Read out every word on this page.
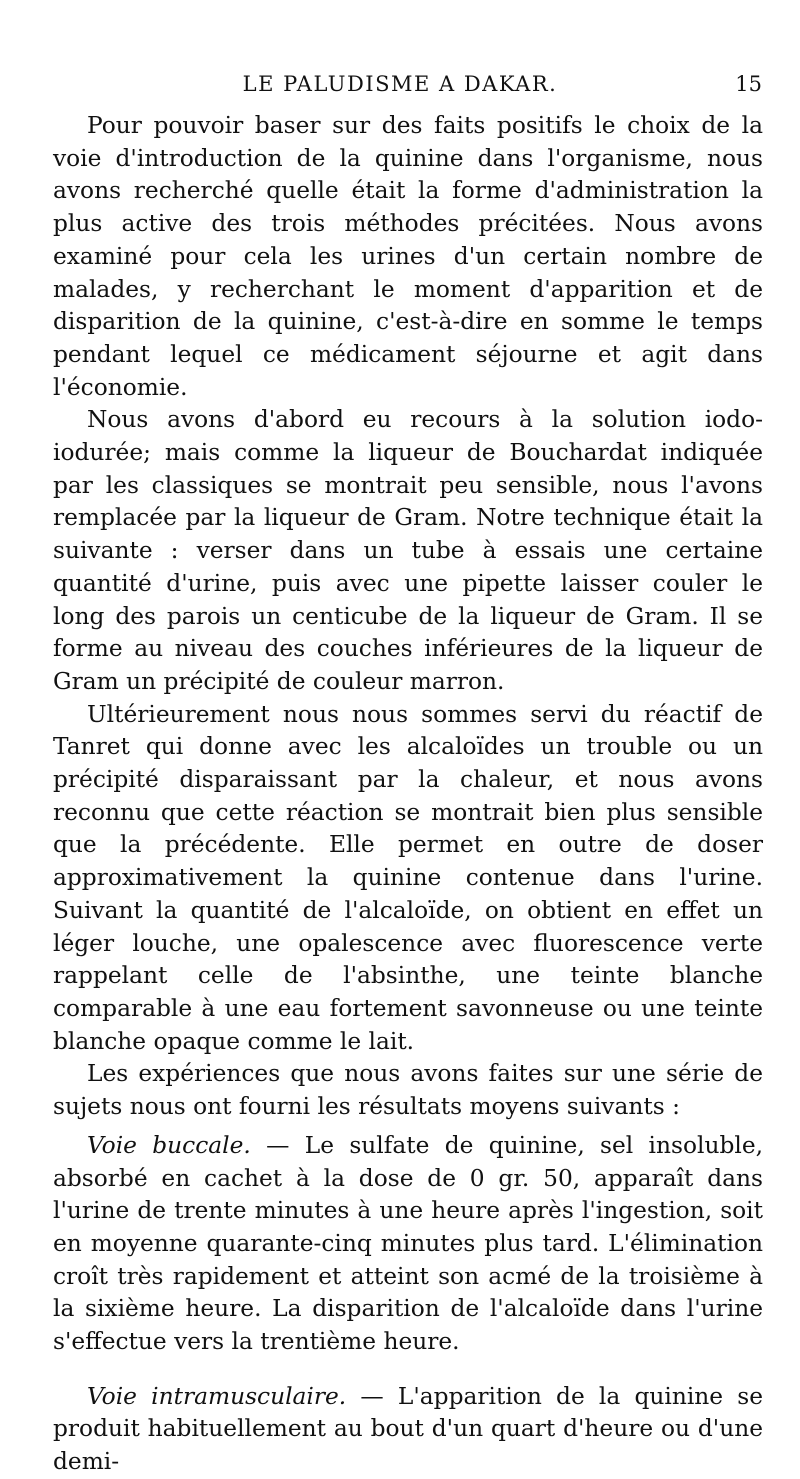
LE PALUDISME A DAKAR.	15

Pour pouvoir baser sur des faits positifs le choix de la voie d'introduction de la quinine dans l'organisme, nous avons recherché quelle était la forme d'administration la plus active des trois méthodes précitées. Nous avons examiné pour cela les urines d'un certain nombre de malades, y recherchant le moment d'apparition et de disparition de la quinine, c'est-à-dire en somme le temps pendant lequel ce médicament séjourne et agit dans l'économie.

Nous avons d'abord eu recours à la solution iodo-iodurée; mais comme la liqueur de Bouchardat indiquée par les classiques se montrait peu sensible, nous l'avons remplacée par la liqueur de Gram. Notre technique était la suivante : verser dans un tube à essais une certaine quantité d'urine, puis avec une pipette laisser couler le long des parois un centicube de la liqueur de Gram. Il se forme au niveau des couches inférieures de la liqueur de Gram un précipité de couleur marron.

Ultérieurement nous nous sommes servi du réactif de Tanret qui donne avec les alcaloïdes un trouble ou un précipité disparaissant par la chaleur, et nous avons reconnu que cette réaction se montrait bien plus sensible que la précédente. Elle permet en outre de doser approximativement la quinine contenue dans l'urine. Suivant la quantité de l'alcaloïde, on obtient en effet un léger louche, une opalescence avec fluorescence verte rappelant celle de l'absinthe, une teinte blanche comparable à une eau fortement savonneuse ou une teinte blanche opaque comme le lait.

Les expériences que nous avons faites sur une série de sujets nous ont fourni les résultats moyens suivants :

Voie buccale. — Le sulfate de quinine, sel insoluble, absorbé en cachet à la dose de 0 gr. 50, apparaît dans l'urine de trente minutes à une heure après l'ingestion, soit en moyenne quarante-cinq minutes plus tard. L'élimination croît très rapidement et atteint son acmé de la troisième à la sixième heure. La disparition de l'alcaloïde dans l'urine s'effectue vers la trentième heure.

Voie intramusculaire. — L'apparition de la quinine se produit habituellement au bout d'un quart d'heure ou d'une demi-
